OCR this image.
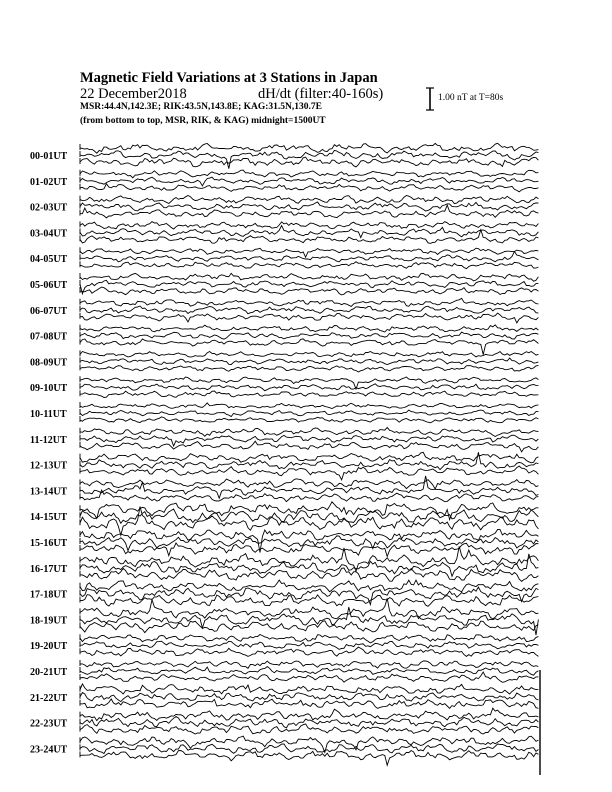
Magnetic Field Variations at 3 Stations in Japan
22 December2018	dH/dt (filter:40-160s)
MSR:44.4N,142.3E; RIK:43.5N,143.8E; KAG:31.5N,130.7E
(from bottom to top, MSR, RIK, & KAG) midnight=1500UT
1.00 nT at T=80s
00-01UT
01-02UT
02-03UT
03-04UT
04-05UT
05-06UT
06-07UT
07-08UT
08-09UT
09-10UT
10-11UT
11-12UT
12-13UT
13-14UT
14-15UT
15-16UT
16-17UT
17-18UT
18-19UT
19-20UT
20-21UT
21-22UT
22-23UT
23-24UT
